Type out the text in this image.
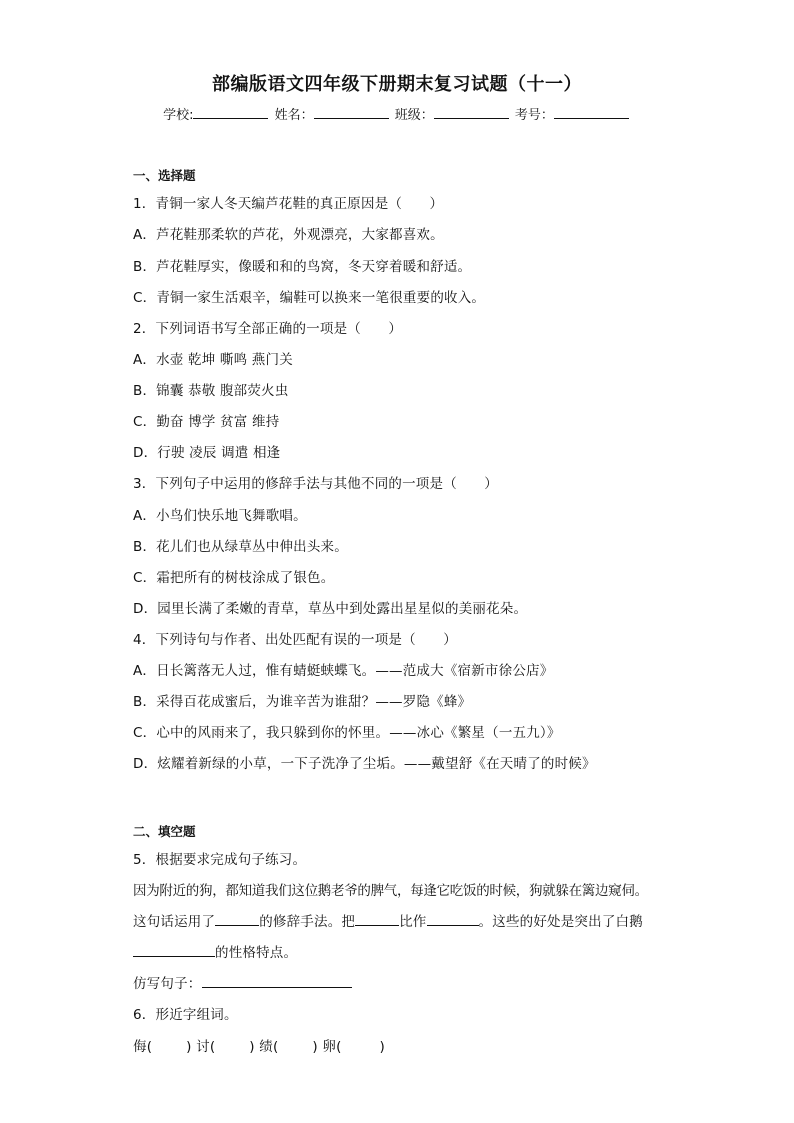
部编版语文四年级下册期末复习试题（十一）
学校:	姓名：	班级：	考号：
一、选择题
1．青铜一家人冬天编芦花鞋的真正原因是（　　）
A．芦花鞋那柔软的芦花，外观漂亮，大家都喜欢。
B．芦花鞋厚实，像暖和和的鸟窝，冬天穿着暖和舒适。
C．青铜一家生活艰辛，编鞋可以换来一笔很重要的收入。
2．下列词语书写全部正确的一项是（　　）
A．水壶 乾坤 嘶鸣 燕门关
B．锦囊 恭敬 腹部荧火虫
C．勤奋 博学 贫富 维持
D．行驶 凌辰 调遣 相逢
3．下列句子中运用的修辞手法与其他不同的一项是（　　）
A．小鸟们快乐地飞舞歌唱。
B．花儿们也从绿草丛中伸出头来。
C．霜把所有的树枝涂成了银色。
D．园里长满了柔嫩的青草，草丛中到处露出星星似的美丽花朵。
4．下列诗句与作者、出处匹配有误的一项是（　　）
A．日长篱落无人过，惟有蜻蜓蛱蝶飞。——范成大《宿新市徐公店》
B．采得百花成蜜后，为谁辛苦为谁甜？——罗隐《蜂》
C．心中的风雨来了，我只躲到你的怀里。——冰心《繁星（一五九）》
D．炫耀着新绿的小草，一下子洗净了尘垢。——戴望舒《在天晴了的时候》
二、填空题
5．根据要求完成句子练习。
因为附近的狗，都知道我们这位鹅老爷的脾气，每逢它吃饭的时候，狗就躲在篱边窥伺。
这句话运用了	的修辞手法。把	比作	。这些的好处是突出了白鹅
的性格特点。
仿写句子：
6．形近字组词。
侮(	) 讨(	) 绩(	) 卵(	)
